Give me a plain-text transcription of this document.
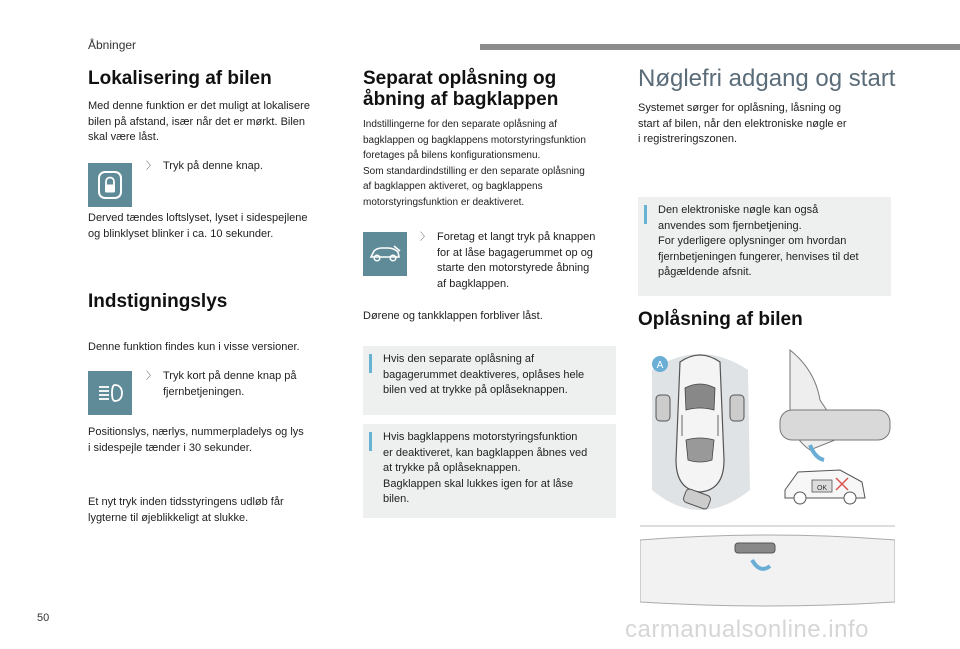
Åbninger
Lokalisering af bilen
Med denne funktion er det muligt at lokalisere
bilen på afstand, især når det er mørkt. Bilen
skal være låst.
〉 Tryk på denne knap.
Derved tændes loftslyset, lyset i sidespejlene
og blinklyset blinker i ca. 10 sekunder.
Indstigningslys
Denne funktion findes kun i visse versioner.
〉 Tryk kort på denne knap på
fjernbetjeningen.
Positionslys, nærlys, nummerpladelys og lys
i sidespejle tænder i 30 sekunder.
Et nyt tryk inden tidsstyringens udløb får
lygterne til øjeblikkeligt at slukke.
Separat oplåsning og
åbning af bagklappen
Indstillingerne for den separate oplåsning af
bagklappen og bagklappens motorstyringsfunktion
foretages på bilens konfigurationsmenu.
Som standardindstilling er den separate oplåsning
af bagklappen aktiveret, og bagklappens
motorstyringsfunktion er deaktiveret.
〉 Foretag et langt tryk på knappen
for at låse bagagerummet op og
starte den motorstyrede åbning
af bagklappen.
Dørene og tankklappen forbliver låst.
Hvis den separate oplåsning af
bagagerummet deaktiveres, oplåses hele
bilen ved at trykke på oplåseknappen.
Hvis bagklappens motorstyringsfunktion
er deaktiveret, kan bagklappen åbnes ved
at trykke på oplåseknappen.
Bagklappen skal lukkes igen for at låse
bilen.
Nøglefri adgang og start
Systemet sørger for oplåsning, låsning og
start af bilen, når den elektroniske nøgle er
i registreringszonen.
Den elektroniske nøgle kan også
anvendes som fjernbetjening.
For yderligere oplysninger om hvordan
fjernbetjeningen fungerer, henvises til det
pågældende afsnit.
Oplåsning af bilen
A
OK
50	carmanualsonline.info
